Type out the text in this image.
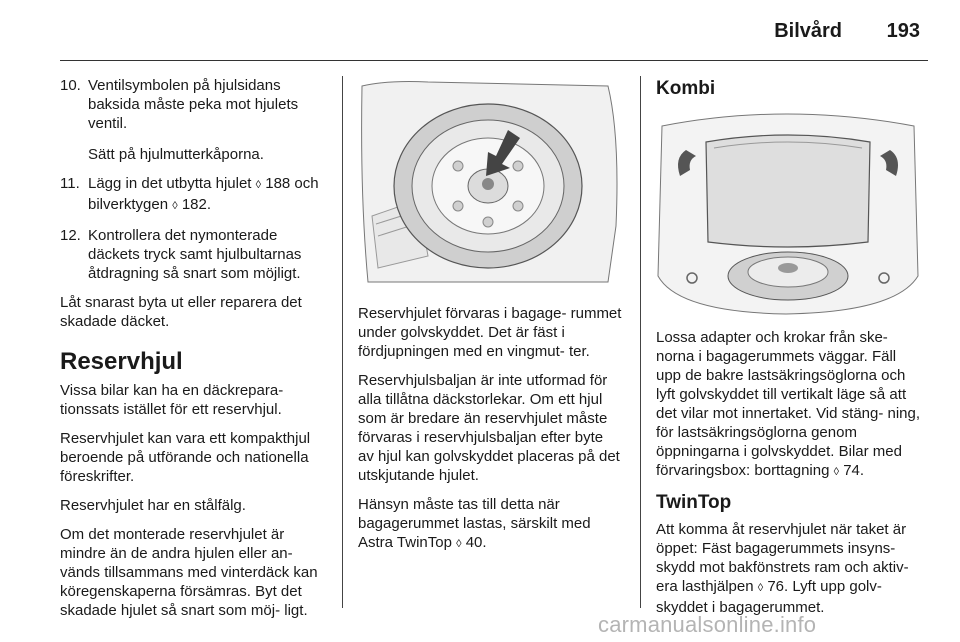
Bilvård 193
10. Ventilsymbolen på hjulsidans baksida måste peka mot hjulets ventil.
Sätt på hjulmutterkåporna.
11. Lägg in det utbytta hjulet ◊ 188 och bilverktygen ◊ 182.
12. Kontrollera det nymonterade däckets tryck samt hjulbultarnas åtdragning så snart som möjligt.

Låt snarast byta ut eller reparera det skadade däcket.

Reservhjul

Vissa bilar kan ha en däckrepara- tionssats istället för ett reservhjul.

Reservhjulet kan vara ett kompakthjul beroende på utförande och nationella föreskrifter.

Reservhjulet har en stålfälg.

Om det monterade reservhjulet är mindre än de andra hjulen eller an- vänds tillsammans med vinterdäck kan köregenskaperna försämras. Byt det skadade hjulet så snart som möj- ligt.

Reservhjulet förvaras i bagage- rummet under golvskyddet. Det är fäst i fördjupningen med en vingmut- ter.

Reservhjulsbaljan är inte utformad för alla tillåtna däckstorlekar. Om ett hjul som är bredare än reservhjulet måste förvaras i reservhjulsbaljan efter byte av hjul kan golvskyddet placeras på det utskjutande hjulet.

Hänsyn måste tas till detta när bagagerummet lastas, särskilt med Astra TwinTop ◊ 40.

Kombi

Lossa adapter och krokar från ske- norna i bagagerummets väggar. Fäll upp de bakre lastsäkringsöglorna och lyft golvskyddet till vertikalt läge så att det vilar mot innertaket. Vid stäng- ning, för lastsäkringsöglorna genom öppningarna i golvskyddet. Bilar med förvaringsbox: borttagning ◊ 74.

TwinTop

Att komma åt reservhjulet när taket är öppet: Fäst bagagerummets insyns- skydd mot bakfönstrets ram och aktiv- era lasthjälpen ◊ 76. Lyft upp golv- skyddet i bagagerummet.

carmanualsonline.info
